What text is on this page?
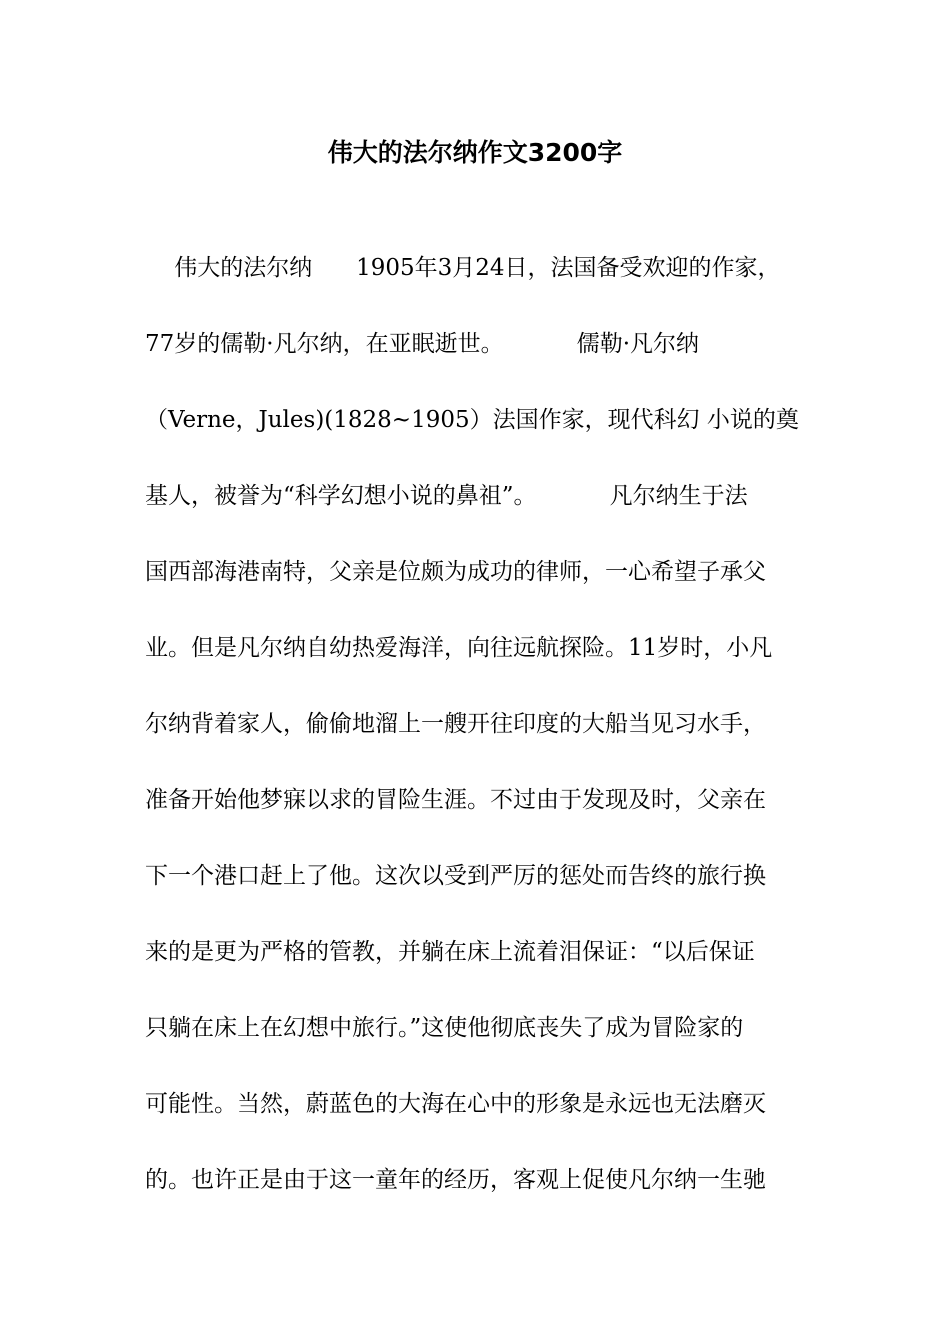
伟大的法尔纳作文3200字
伟大的法尔纳      1905年3月24日，法国备受欢迎的作家，
77岁的儒勒·凡尔纳，在亚眠逝世。          儒勒·凡尔纳
（Verne，Jules)(1828~1905）法国作家，现代科幻 小说的奠
基人，被誉为“科学幻想小说的鼻祖”。          凡尔纳生于法
国西部海港南特，父亲是位颇为成功的律师，一心希望子承父
业。但是凡尔纳自幼热爱海洋，向往远航探险。11岁时，小凡
尔纳背着家人，偷偷地溜上一艘开往印度的大船当见习水手，
准备开始他梦寐以求的冒险生涯。不过由于发现及时，父亲在
下一个港口赶上了他。这次以受到严厉的惩处而告终的旅行换
来的是更为严格的管教，并躺在床上流着泪保证：“以后保证
只躺在床上在幻想中旅行。”这使他彻底丧失了成为冒险家的
可能性。当然，蔚蓝色的大海在心中的形象是永远也无法磨灭
的。也许正是由于这一童年的经历，客观上促使凡尔纳一生驰
